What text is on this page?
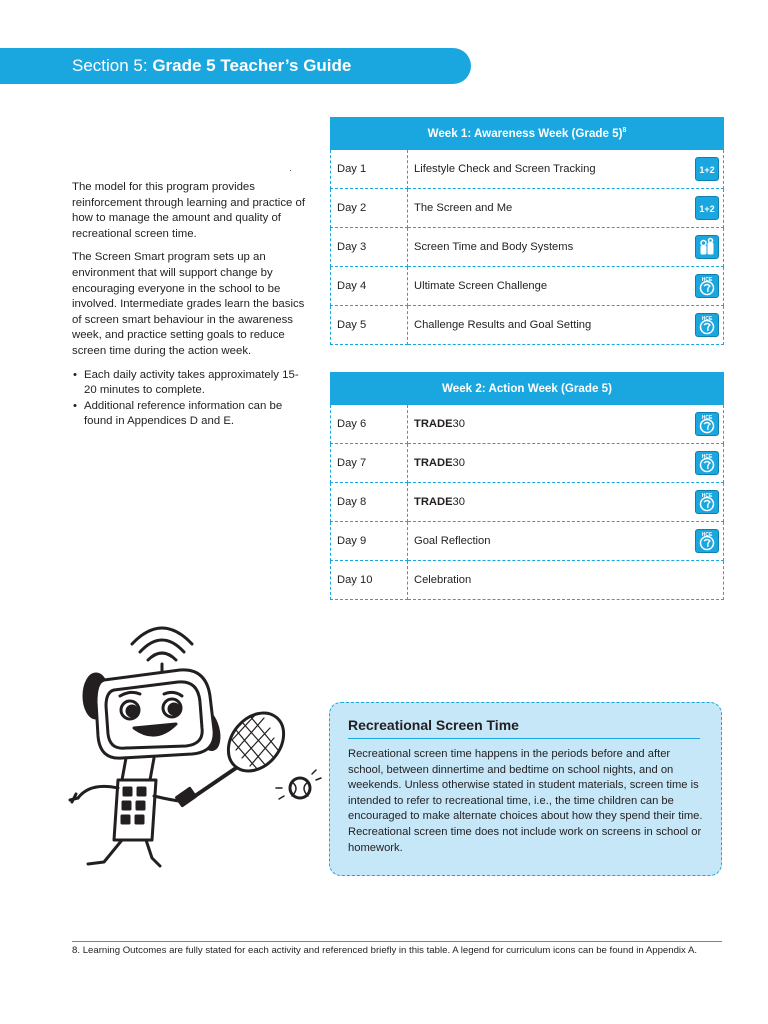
Section 5: Grade 5 Teacher’s Guide
·

The model for this program provides reinforcement through learning and practice of how to manage the amount and quality of recreational screen time.

The Screen Smart program sets up an environment that will support change by encouraging everyone in the school to be involved. Intermediate grades learn the basics of screen smart behaviour in the awareness week, and practice setting goals to reduce screen time during the action week.

• Each daily activity takes approximately 15-20 minutes to complete.
• Additional reference information can be found in Appendices D and E.
Week 1: Awareness Week (Grade 5)$^8$
Day 1	Lifestyle Check and Screen Tracking 1+2

Day 2	The Screen and Me 1+2

Day 3	Screen Time and Body Systems

Day 4	Ultimate Screen Challenge HCE

Day 5	Challenge Results and Goal Setting HCE
Week 2: Action Week (Grade 5)	
Day 6	TRADE30 HCE

Day 7	TRADE30 HCE

Day 8	TRADE30 HCE

Day 9	Goal Reflection HCE

Day 10	Celebration
Recreational Screen Time
Recreational screen time happens in the periods before and after school, between dinnertime and bedtime on school nights, and on weekends. Unless otherwise stated in student materials, screen time is intended to refer to recreational time, i.e., the time children can be encouraged to make alternate choices about how they spend their time. Recreational screen time does not include work on screens in school or homework.
8. Learning Outcomes are fully stated for each activity and referenced briefly in this table. A legend for curriculum icons can be found in Appendix A.
